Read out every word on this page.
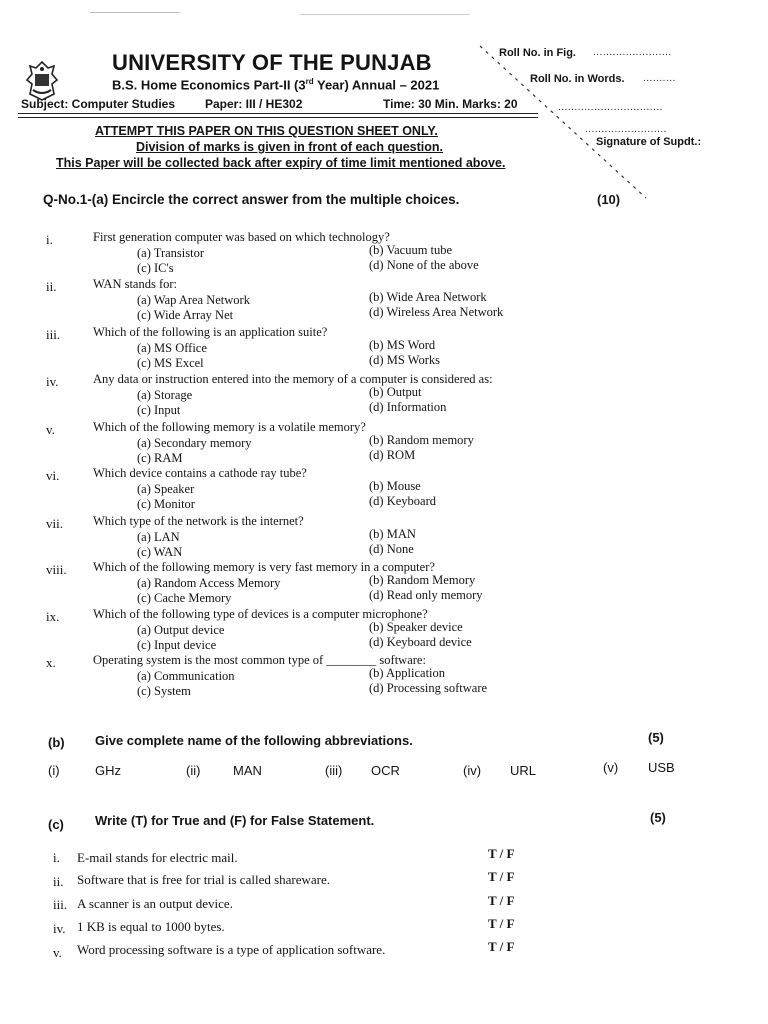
UNIVERSITY OF THE PUNJAB
B.S. Home Economics Part-II (3rd Year) Annual – 2021
Subject: Computer Studies Paper: III / HE302	Time: 30 Min. Marks: 20
Roll No. in Fig. ........................
Roll No. in Words. ..........
................................
.........................
Signature of Supdt.:
ATTEMPT THIS PAPER ON THIS QUESTION SHEET ONLY.
Division of marks is given in front of each question.
This Paper will be collected back after expiry of time limit mentioned above.
Q-No.1-(a) Encircle the correct answer from the multiple choices.	(10)
i.	First generation computer was based on which technology?
(a) Transistor	(b) Vacuum tube
(c) IC's	(d) None of the above
ii.	WAN stands for:
(a) Wap Area Network	(b) Wide Area Network
(c) Wide Array Net	(d) Wireless Area Network
iii.	Which of the following is an application suite?
(a) MS Office	(b) MS Word
(c) MS Excel	(d) MS Works
iv.	Any data or instruction entered into the memory of a computer is considered as:
(a) Storage	(b) Output
(c) Input	(d) Information
v.	Which of the following memory is a volatile memory?
(a) Secondary memory	(b) Random memory
(c) RAM	(d) ROM
vi.	Which device contains a cathode ray tube?
(a) Speaker	(b) Mouse
(c) Monitor	(d) Keyboard
vii. Which type of the network is the internet?
(a) LAN	(b) MAN
(c) WAN	(d) None
viii. Which of the following memory is very fast memory in a computer?
(a) Random Access Memory	(b) Random Memory
(c) Cache Memory	(d) Read only memory
ix.	Which of the following type of devices is a computer microphone?
(a) Output device	(b) Speaker device
(c) Input device	(d) Keyboard device
x.	Operating system is the most common type of ________ software:
(a) Communication	(b) Application
(c) System	(d) Processing software
(b) Give complete name of the following abbreviations.	(5)
(i)	GHz	(ii)	MAN	(iii) OCR	(iv) URL	(v) USB
(c) Write (T) for True and (F) for False Statement.	(5)
i. E-mail stands for electric mail.	T / F
ii. Software that is free for trial is called shareware.	T / F
iii. A scanner is an output device.	T / F
iv. 1 KB is equal to 1000 bytes.	T / F
v. Word processing software is a type of application software.	T / F
